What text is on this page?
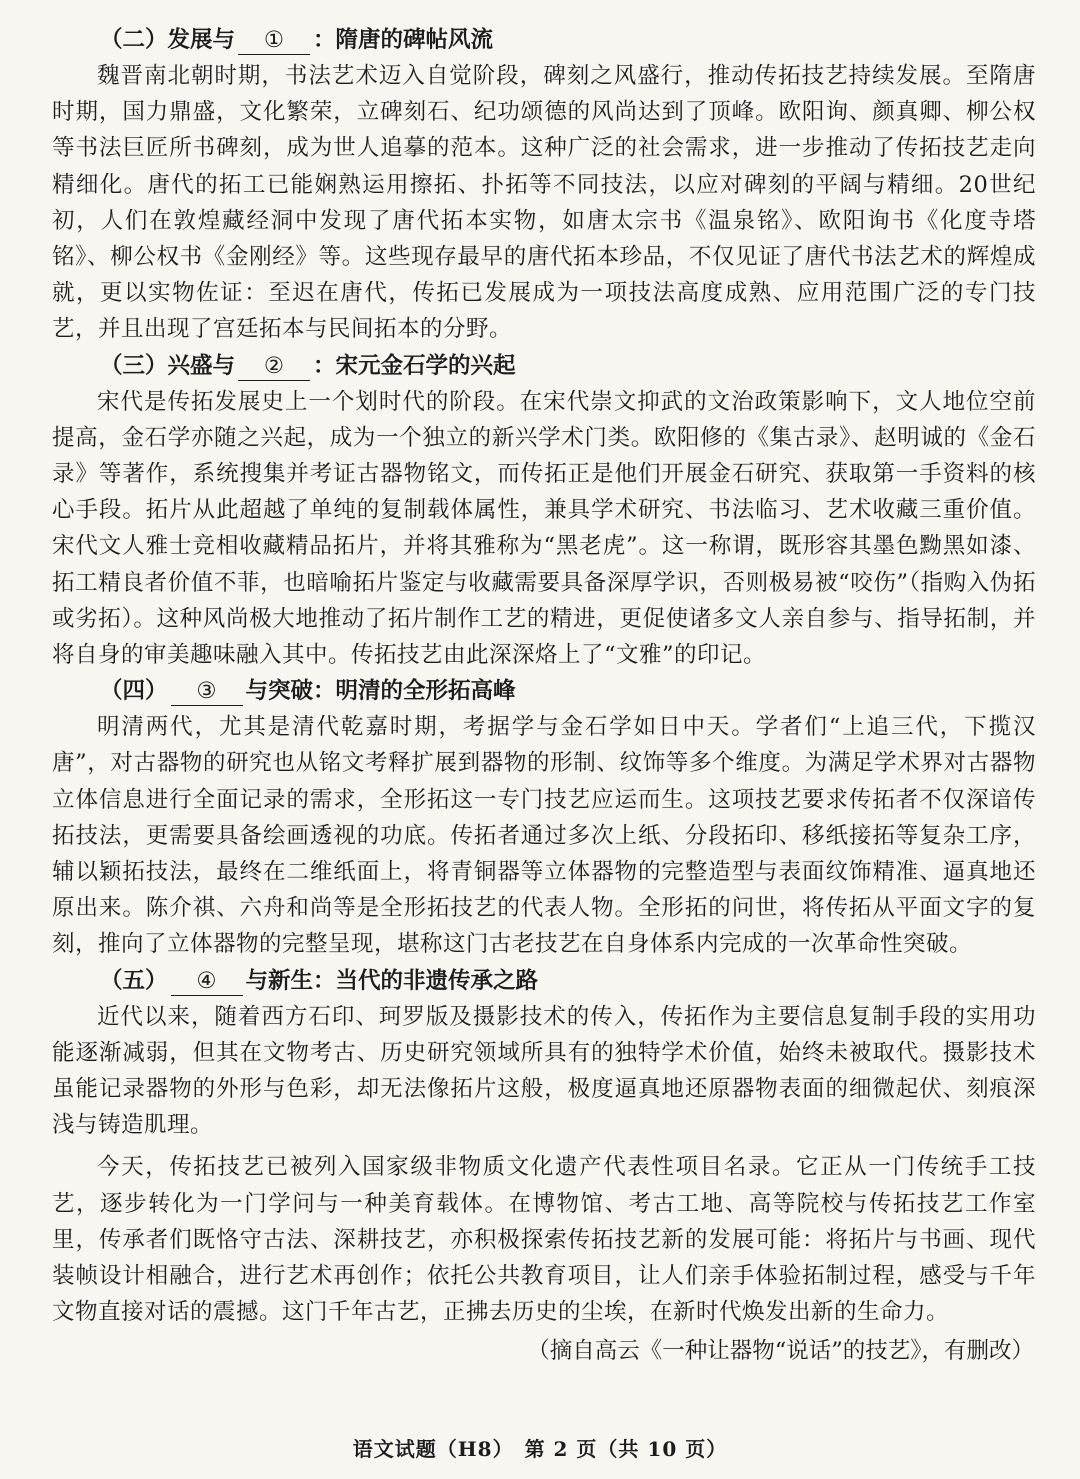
（二）发展与 ① ：隋唐的碑帖风流

魏晋南北朝时期，书法艺术迈入自觉阶段，碑刻之风盛行，推动传拓技艺持续发展。至隋唐时期，国力鼎盛，文化繁荣，立碑刻石、纪功颂德的风尚达到了顶峰。欧阳询、颜真卿、柳公权等书法巨匠所书碑刻，成为世人追摹的范本。这种广泛的社会需求，进一步推动了传拓技艺走向精细化。唐代的拓工已能娴熟运用擦拓、扑拓等不同技法，以应对碑刻的平阔与精细。20世纪初，人们在敦煌藏经洞中发现了唐代拓本实物，如唐太宗书《温泉铭》、欧阳询书《化度寺塔铭》、柳公权书《金刚经》等。这些现存最早的唐代拓本珍品，不仅见证了唐代书法艺术的辉煌成就，更以实物佐证：至迟在唐代，传拓已发展成为一项技法高度成熟、应用范围广泛的专门技艺，并且出现了宫廷拓本与民间拓本的分野。

（三）兴盛与 ② ：宋元金石学的兴起

宋代是传拓发展史上一个划时代的阶段。在宋代崇文抑武的文治政策影响下，文人地位空前提高，金石学亦随之兴起，成为一个独立的新兴学术门类。欧阳修的《集古录》、赵明诚的《金石录》等著作，系统搜集并考证古器物铭文，而传拓正是他们开展金石研究、获取第一手资料的核心手段。拓片从此超越了单纯的复制载体属性，兼具学术研究、书法临习、艺术收藏三重价值。宋代文人雅士竞相收藏精品拓片，并将其雅称为“黑老虎”。这一称谓，既形容其墨色黝黑如漆、拓工精良者价值不菲，也暗喻拓片鉴定与收藏需要具备深厚学识，否则极易被“咬伤”（指购入伪拓或劣拓）。这种风尚极大地推动了拓片制作工艺的精进，更促使诸多文人亲自参与、指导拓制，并将自身的审美趣味融入其中。传拓技艺由此深深烙上了“文雅”的印记。

（四） ③ 与突破：明清的全形拓高峰

明清两代，尤其是清代乾嘉时期，考据学与金石学如日中天。学者们“上追三代，下揽汉唐”，对古器物的研究也从铭文考释扩展到器物的形制、纹饰等多个维度。为满足学术界对古器物立体信息进行全面记录的需求，全形拓这一专门技艺应运而生。这项技艺要求传拓者不仅深谙传拓技法，更需要具备绘画透视的功底。传拓者通过多次上纸、分段拓印、移纸接拓等复杂工序，辅以颖拓技法，最终在二维纸面上，将青铜器等立体器物的完整造型与表面纹饰精准、逼真地还原出来。陈介祺、六舟和尚等是全形拓技艺的代表人物。全形拓的问世，将传拓从平面文字的复刻，推向了立体器物的完整呈现，堪称这门古老技艺在自身体系内完成的一次革命性突破。

（五） ④ 与新生：当代的非遗传承之路

近代以来，随着西方石印、珂罗版及摄影技术的传入，传拓作为主要信息复制手段的实用功能逐渐减弱，但其在文物考古、历史研究领域所具有的独特学术价值，始终未被取代。摄影技术虽能记录器物的外形与色彩，却无法像拓片这般，极度逼真地还原器物表面的细微起伏、刻痕深浅与铸造肌理。

今天，传拓技艺已被列入国家级非物质文化遗产代表性项目名录。它正从一门传统手工技艺，逐步转化为一门学问与一种美育载体。在博物馆、考古工地、高等院校与传拓技艺工作室里，传承者们既恪守古法、深耕技艺，亦积极探索传拓技艺新的发展可能：将拓片与书画、现代装帧设计相融合，进行艺术再创作；依托公共教育项目，让人们亲手体验拓制过程，感受与千年文物直接对话的震撼。这门千年古艺，正拂去历史的尘埃，在新时代焕发出新的生命力。

（摘自高云《一种让器物“说话”的技艺》，有删改）
语文试题（H8）　第 2 页（共 10 页）
